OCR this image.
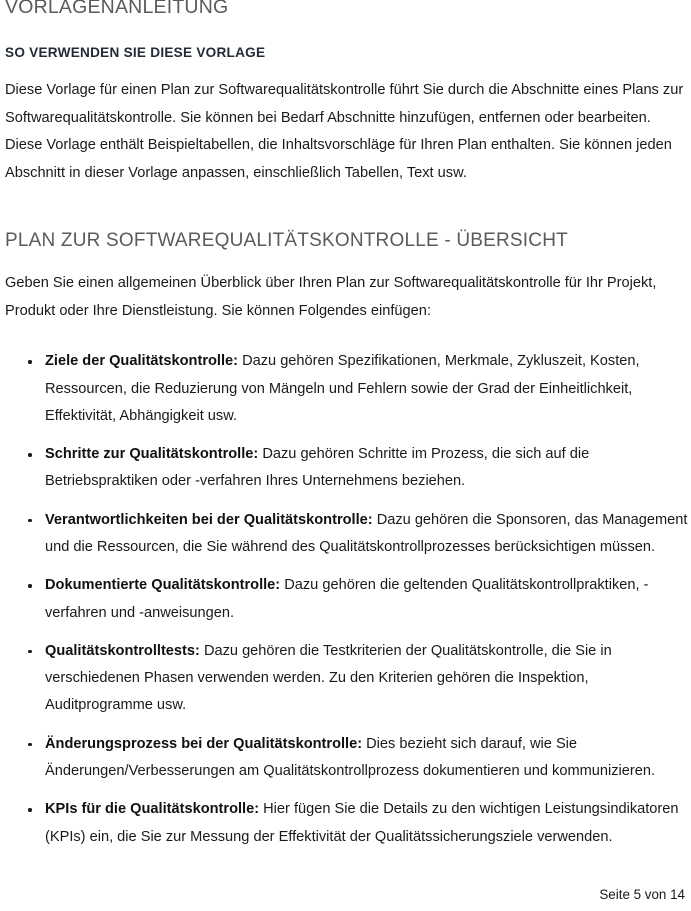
VORLAGENANLEITUNG
SO VERWENDEN SIE DIESE VORLAGE

Diese Vorlage für einen Plan zur Softwarequalitätskontrolle führt Sie durch die Abschnitte eines Plans zur Softwarequalitätskontrolle. Sie können bei Bedarf Abschnitte hinzufügen, entfernen oder bearbeiten. Diese Vorlage enthält Beispieltabellen, die Inhaltsvorschläge für Ihren Plan enthalten. Sie können jeden Abschnitt in dieser Vorlage anpassen, einschließlich Tabellen, Text usw.

PLAN ZUR SOFTWAREQUALITÄTSKONTROLLE - ÜBERSICHT

Geben Sie einen allgemeinen Überblick über Ihren Plan zur Softwarequalitätskontrolle für Ihr Projekt, Produkt oder Ihre Dienstleistung. Sie können Folgendes einfügen:

Ziele der Qualitätskontrolle: Dazu gehören Spezifikationen, Merkmale, Zykluszeit, Kosten, Ressourcen, die Reduzierung von Mängeln und Fehlern sowie der Grad der Einheitlichkeit, Effektivität, Abhängigkeit usw.
Schritte zur Qualitätskontrolle: Dazu gehören Schritte im Prozess, die sich auf die Betriebspraktiken oder -verfahren Ihres Unternehmens beziehen.
Verantwortlichkeiten bei der Qualitätskontrolle: Dazu gehören die Sponsoren, das Management und die Ressourcen, die Sie während des Qualitätskontrollprozesses berücksichtigen müssen.
Dokumentierte Qualitätskontrolle: Dazu gehören die geltenden Qualitätskontrollpraktiken, -verfahren und -anweisungen.
Qualitätskontrolltests: Dazu gehören die Testkriterien der Qualitätskontrolle, die Sie in verschiedenen Phasen verwenden werden. Zu den Kriterien gehören die Inspektion, Auditprogramme usw.
Änderungsprozess bei der Qualitätskontrolle: Dies bezieht sich darauf, wie Sie Änderungen/Verbesserungen am Qualitätskontrollprozess dokumentieren und kommunizieren.
KPIs für die Qualitätskontrolle: Hier fügen Sie die Details zu den wichtigen Leistungsindikatoren (KPIs) ein, die Sie zur Messung der Effektivität der Qualitätssicherungsziele verwenden.
Seite 5 von 14
